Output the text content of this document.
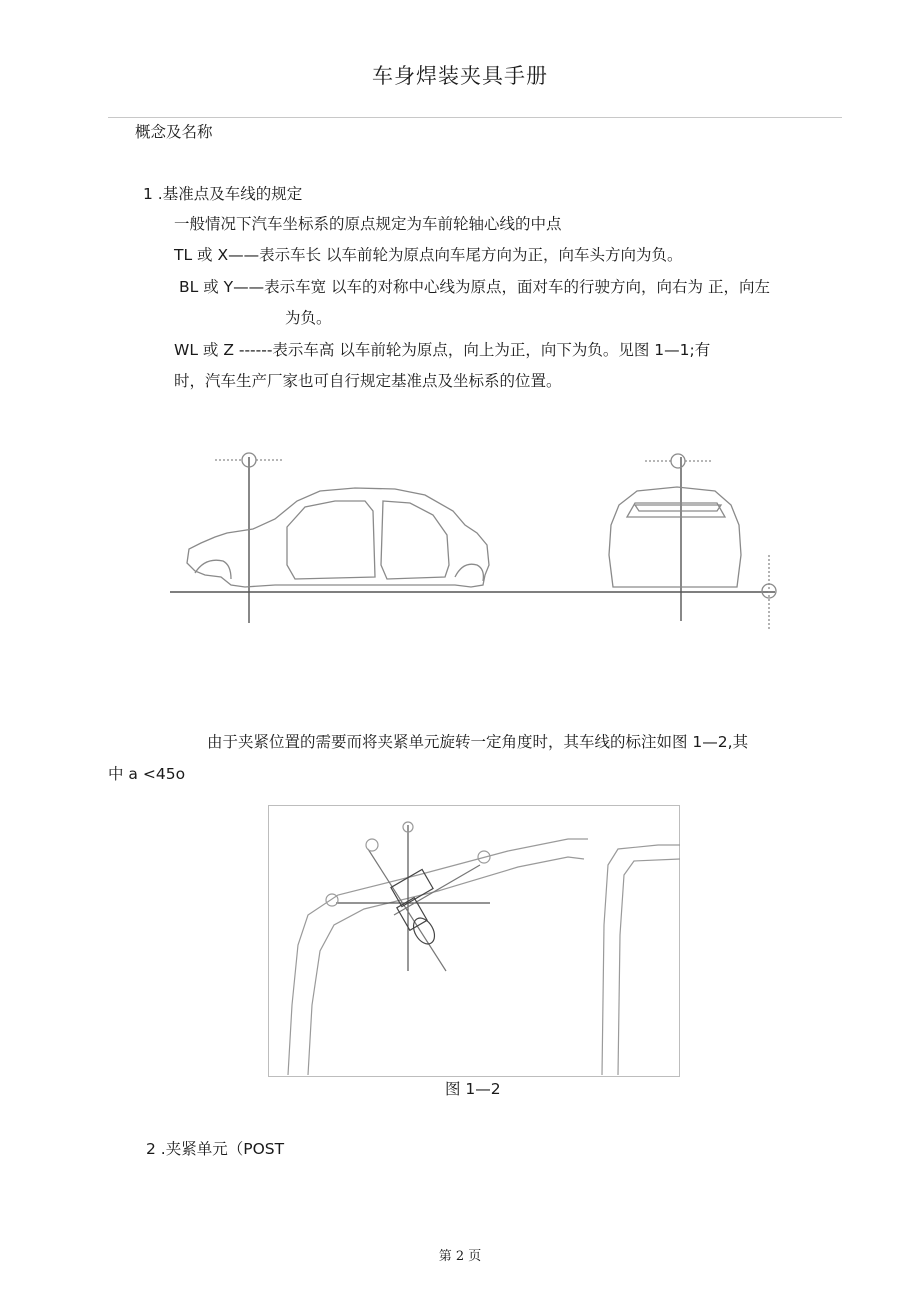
车身焊装夹具手册
概念及名称
1 .基准点及车线的规定
一般情况下汽车坐标系的原点规定为车前轮轴心线的中点
TL 或 X——表示车长 以车前轮为原点向车尾方向为正，向车头方向为负。
BL 或 Y——表示车宽 以车的对称中心线为原点，面对车的行驶方向，向右为 正，向左
为负。
WL 或 Z ------表示车高 以车前轮为原点，向上为正，向下为负。见图 1—1;有
时，汽车生产厂家也可自行规定基准点及坐标系的位置。
由于夹紧位置的需要而将夹紧单元旋转一定角度时，其车线的标注如图 1—2,其
中 a <45o
图 1—2
2 .夹紧单元（POST
第 2 页
